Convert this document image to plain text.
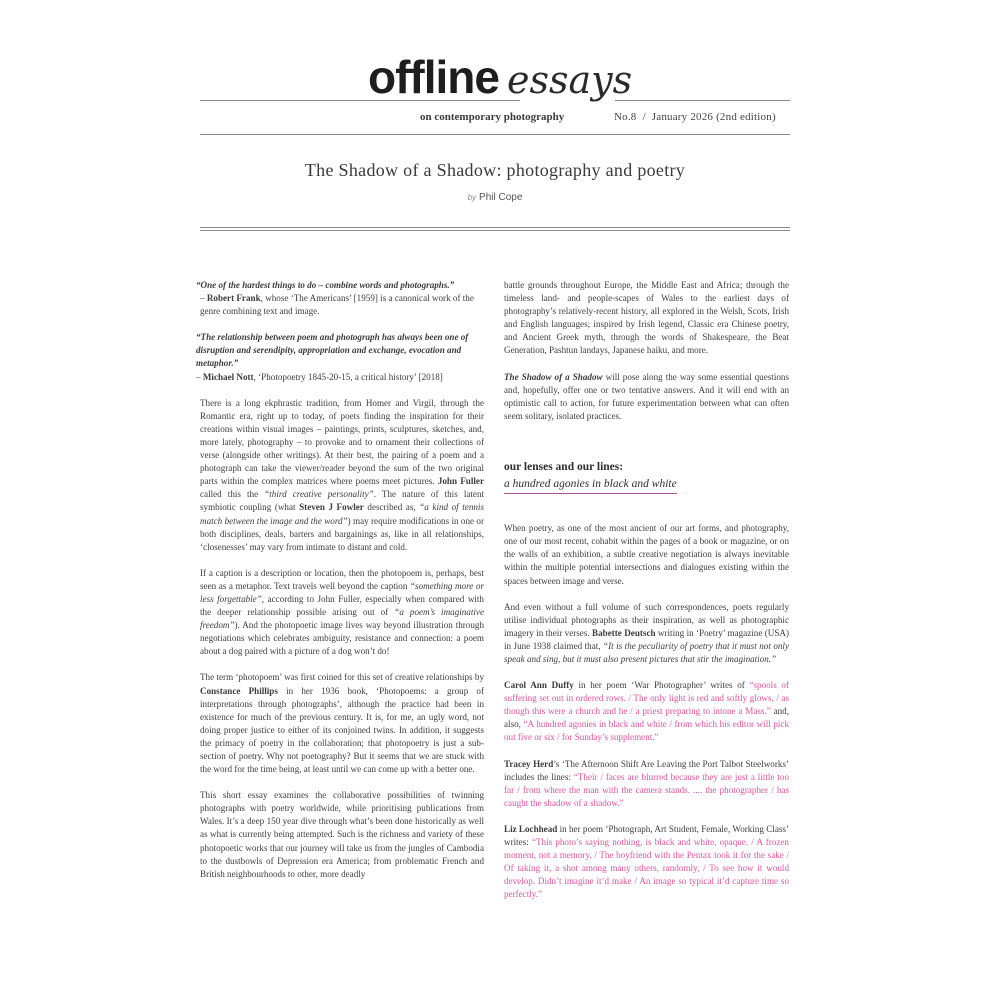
offline essays
on contemporary photography	No.8 / January 2026 (2nd edition)
The Shadow of a Shadow: photography and poetry
by Phil Cope
“One of the hardest things to do – combine words and photographs.”
– Robert Frank, whose ‘The Americans’ [1959] is a canonical work of the genre combining text and image.
“The relationship between poem and photograph has always been one of disruption and serendipity, appropriation and exchange, evocation and metaphor.”
– Michael Nott, ‘Photopoetry 1845-20-15, a critical history’ [2018]

There is a long ekphrastic tradition, from Homer and Virgil, through the Romantic era, right up to today, of poets finding the inspiration for their creations within visual images – paintings, prints, sculptures, sketches, and, more lately, photography – to provoke and to ornament their collections of verse (alongside other writings). At their best, the pairing of a poem and a photograph can take the viewer/reader beyond the sum of the two original parts within the complex matrices where poems meet pictures. John Fuller called this the “third creative personality”. The nature of this latent symbiotic coupling (what Steven J Fowler described as, “a kind of tennis match between the image and the word”) may require modifications in one or both disciplines, deals, barters and bargainings as, like in all relationships, ‘closenesses’ may vary from intimate to distant and cold.

If a caption is a description or location, then the photopoem is, perhaps, best seen as a metaphor. Text travels well beyond the caption “something more or less forgettable”, according to John Fuller, especially when compared with the deeper relationship possible arising out of “a poem’s imaginative freedom”). And the photopoetic image lives way beyond illustration through negotiations which celebrates ambiguity, resistance and connection: a poem about a dog paired with a picture of a dog won’t do!

The term ‘photopoem’ was first coined for this set of creative relationships by Constance Phillips in her 1936 book, ‘Photopoems: a group of interpretations through photographs’, although the practice had been in existence for much of the previous century. It is, for me, an ugly word, not doing proper justice to either of its conjoined twins. In addition, it suggests the primacy of poetry in the collaboration; that photopoetry is just a sub-section of poetry. Why not poetography? But it seems that we are stuck with the word for the time being, at least until we can come up with a better one.

This short essay examines the collaborative possibilities of twinning photographs with poetry worldwide, while prioritising publications from Wales. It’s a deep 150 year dive through what’s been done historically as well as what is currently being attempted. Such is the richness and variety of these photopoetic works that our journey will take us from the jungles of Cambodia to the dustbowls of Depression era America; from problematic French and British neighbourhoods to other, more deadly

battle grounds throughout Europe, the Middle East and Africa; through the timeless land- and people-scapes of Wales to the earliest days of photography’s relatively-recent history, all explored in the Welsh, Scots, Irish and English languages; inspired by Irish legend, Classic era Chinese poetry, and Ancient Greek myth, through the words of Shakespeare, the Beat Generation, Pashtun landays, Japanese haiku, and more.

The Shadow of a Shadow will pose along the way some essential questions and, hopefully, offer one or two tentative answers. And it will end with an optimistic call to action, for future experimentation between what can often seem solitary, isolated practices.

our lenses and our lines:
a hundred agonies in black and white

When poetry, as one of the most ancient of our art forms, and photography, one of our most recent, cohabit within the pages of a book or magazine, or on the walls of an exhibition, a subtle creative negotiation is always inevitable within the multiple potential intersections and dialogues existing within the spaces between image and verse.

And even without a full volume of such correspondences, poets regularly utilise individual photographs as their inspiration, as well as photographic imagery in their verses. Babette Deutsch writing in ‘Poetry’ magazine (USA) in June 1938 claimed that, “It is the peculiarity of poetry that it must not only speak and sing, but it must also present pictures that stir the imagination.”

Carol Ann Duffy in her poem ‘War Photographer’ writes of “spools of suffering set out in ordered rows. / The only light is red and softly glows, / as though this were a church and he / a priest preparing to intone a Mass.” and, also, “A hundred agonies in black and white / from which his editor will pick out five or six / for Sunday’s supplement.”

Tracey Herd’s ‘The Afternoon Shift Are Leaving the Port Talbot Steelworks’ includes the lines: “Their / faces are blurred because they are just a little too far / from where the man with the camera stands. .... the photographer / has caught the shadow of a shadow.”

Liz Lochhead in her poem ‘Photograph, Art Student, Female, Working Class’ writes: “This photo’s saying nothing, is black and white, opaque. / A frozen moment, not a memory. / The boyfriend with the Pentax took it for the sake / Of taking it, a shot among many others, randomly, / To see how it would develop. Didn’t imagine it’d make / An image so typical it’d capture time so perfectly.”
